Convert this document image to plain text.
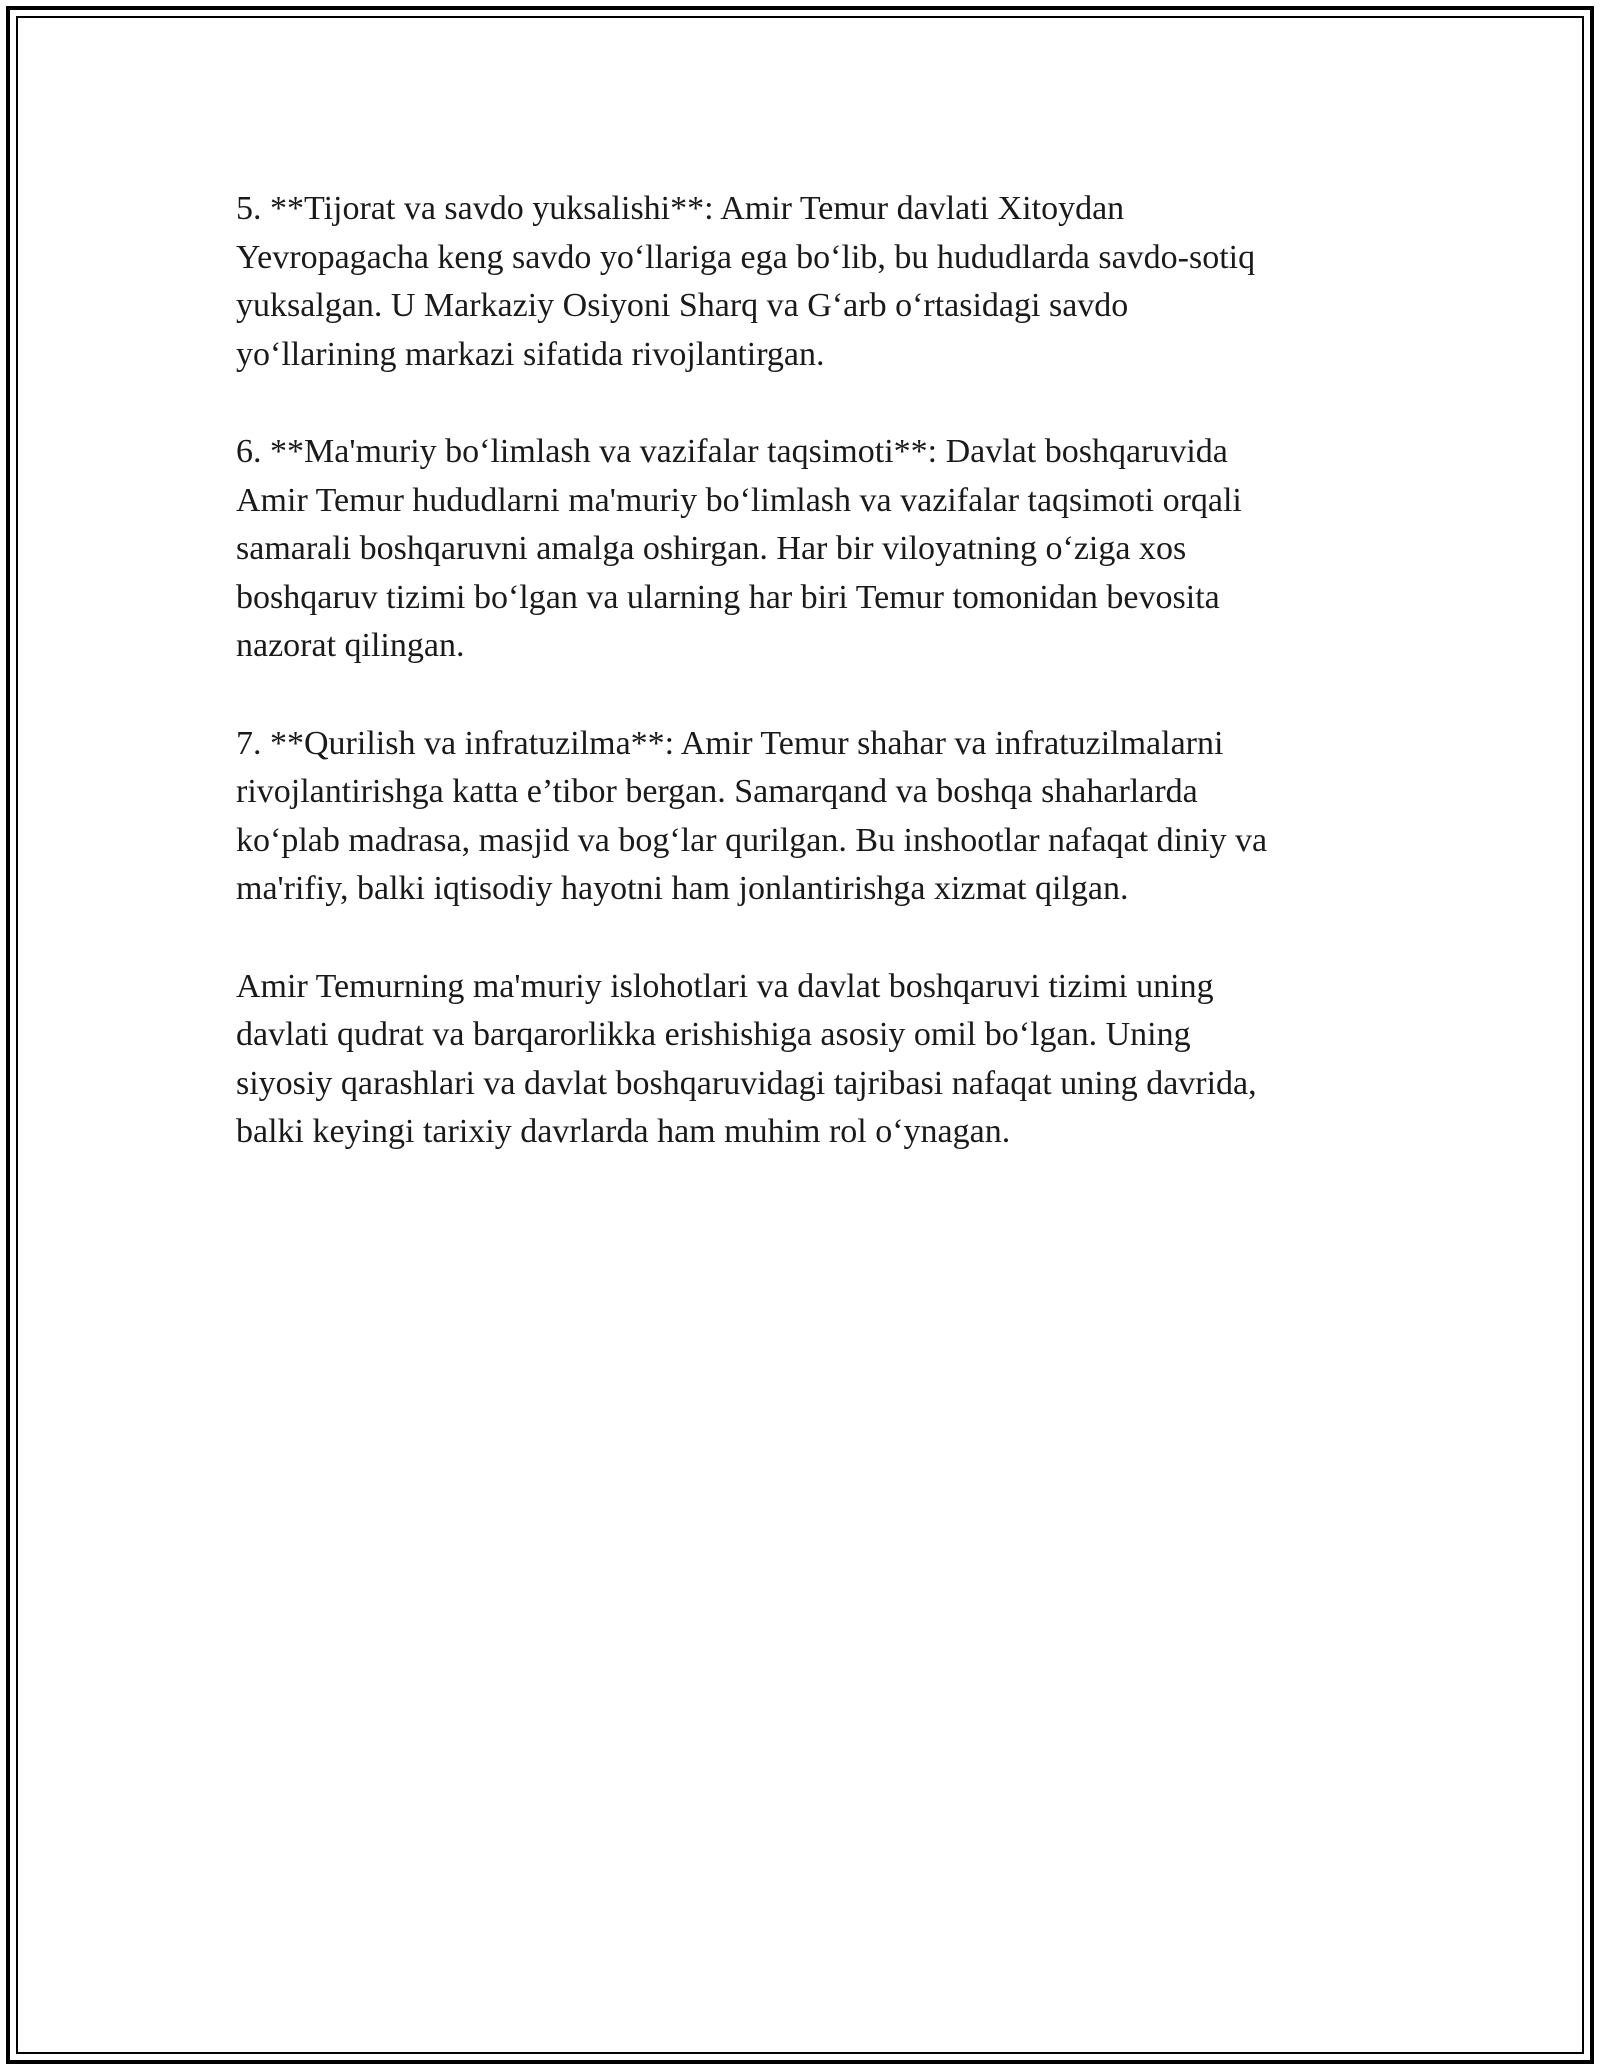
5. **Tijorat va savdo yuksalishi**: Amir Temur davlati Xitoydan
Yevropagacha keng savdo yo‘llariga ega bo‘lib, bu hududlarda savdo-sotiq
yuksalgan. U Markaziy Osiyoni Sharq va G‘arb o‘rtasidagi savdo
yo‘llarining markazi sifatida rivojlantirgan.

6. **Ma'muriy bo‘limlash va vazifalar taqsimoti**: Davlat boshqaruvida
Amir Temur hududlarni ma'muriy bo‘limlash va vazifalar taqsimoti orqali
samarali boshqaruvni amalga oshirgan. Har bir viloyatning o‘ziga xos
boshqaruv tizimi bo‘lgan va ularning har biri Temur tomonidan bevosita
nazorat qilingan.

7. **Qurilish va infratuzilma**: Amir Temur shahar va infratuzilmalarni
rivojlantirishga katta e’tibor bergan. Samarqand va boshqa shaharlarda
ko‘plab madrasa, masjid va bog‘lar qurilgan. Bu inshootlar nafaqat diniy va
ma'rifiy, balki iqtisodiy hayotni ham jonlantirishga xizmat qilgan.

Amir Temurning ma'muriy islohotlari va davlat boshqaruvi tizimi uning
davlati qudrat va barqarorlikka erishishiga asosiy omil bo‘lgan. Uning
siyosiy qarashlari va davlat boshqaruvidagi tajribasi nafaqat uning davrida,
balki keyingi tarixiy davrlarda ham muhim rol o‘ynagan.
